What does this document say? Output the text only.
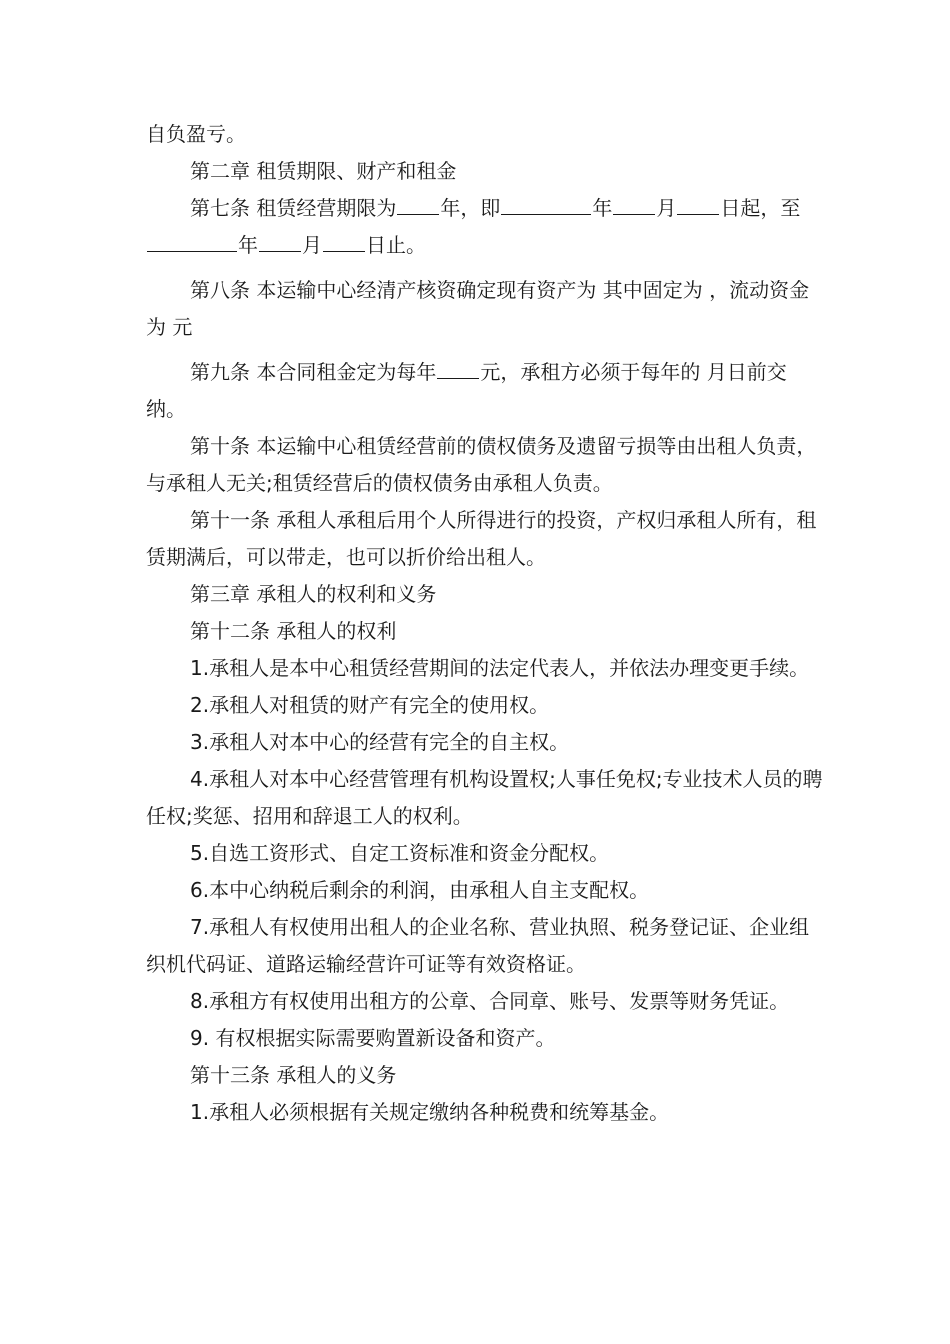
自负盈亏。

第二章 租赁期限、财产和租金

第七条 租赁经营期限为 年，即	年 月 日起，至年 月 日止。

第八条 本运输中心经清产核资确定现有资产为 其中固定为 ，流动资金为 元

第九条 本合同租金定为每年 元，承租方必须于每年的 月日前交纳。

第十条 本运输中心租赁经营前的债权债务及遗留亏损等由出租人负责，与承租人无关;租赁经营后的债权债务由承租人负责。

第十一条 承租人承租后用个人所得进行的投资，产权归承租人所有，租赁期满后，可以带走，也可以折价给出租人。

第三章 承租人的权利和义务

第十二条 承租人的权利

1.承租人是本中心租赁经营期间的法定代表人，并依法办理变更手续。

2.承租人对租赁的财产有完全的使用权。

3.承租人对本中心的经营有完全的自主权。

4.承租人对本中心经营管理有机构设置权;人事任免权;专业技术人员的聘任权;奖惩、招用和辞退工人的权利。

5.自选工资形式、自定工资标准和资金分配权。

6.本中心纳税后剩余的利润，由承租人自主支配权。

7.承租人有权使用出租人的企业名称、营业执照、税务登记证、企业组织机代码证、道路运输经营许可证等有效资格证。

8.承租方有权使用出租方的公章、合同章、账号、发票等财务凭证。

9. 有权根据实际需要购置新设备和资产。

第十三条 承租人的义务

1.承租人必须根据有关规定缴纳各种税费和统筹基金。
